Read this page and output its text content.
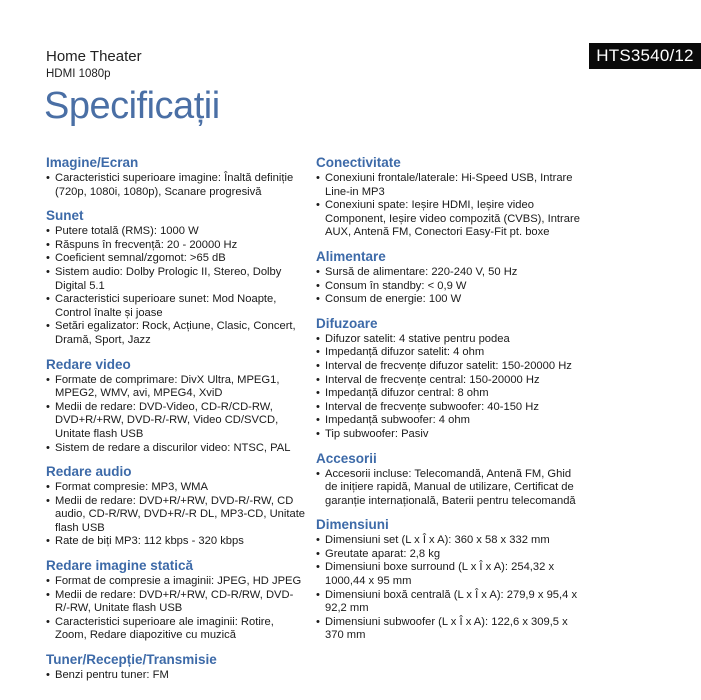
Home Theater
HDMI 1080p
HTS3540/12
Specificații
Imagine/Ecran
• Caracteristici superioare imagine: Înaltă definiție (720p, 1080i, 1080p), Scanare progresivă
Sunet
• Putere totală (RMS): 1000 W
• Răspuns în frecvență: 20 - 20000 Hz
• Coeficient semnal/zgomot: >65 dB
• Sistem audio: Dolby Prologic II, Stereo, Dolby Digital 5.1
• Caracteristici superioare sunet: Mod Noapte, Control înalte și joase
• Setări egalizator: Rock, Acțiune, Clasic, Concert, Dramă, Sport, Jazz
Redare video
• Formate de comprimare: DivX Ultra, MPEG1, MPEG2, WMV, avi, MPEG4, XviD
• Medii de redare: DVD-Video, CD-R/CD-RW, DVD+R/+RW, DVD-R/-RW, Video CD/SVCD, Unitate flash USB
• Sistem de redare a discurilor video: NTSC, PAL
Redare audio
• Format compresie: MP3, WMA
• Medii de redare: DVD+R/+RW, DVD-R/-RW, CD audio, CD-R/RW, DVD+R/-R DL, MP3-CD, Unitate flash USB
• Rate de biți MP3: 112 kbps - 320 kbps
Redare imagine statică
• Format de compresie a imaginii: JPEG, HD JPEG
• Medii de redare: DVD+R/+RW, CD-R/RW, DVD-R/-RW, Unitate flash USB
• Caracteristici superioare ale imaginii: Rotire, Zoom, Redare diapozitive cu muzică
Tuner/Recepție/Transmisie
• Benzi pentru tuner: FM
Conectivitate
• Conexiuni frontale/laterale: Hi-Speed USB, Intrare Line-in MP3
• Conexiuni spate: Ieșire HDMI, Ieșire video Component, Ieșire video compozită (CVBS), Intrare AUX, Antenă FM, Conectori Easy-Fit pt. boxe
Alimentare
• Sursă de alimentare: 220-240 V, 50 Hz
• Consum în standby: < 0,9 W
• Consum de energie: 100 W
Difuzoare
• Difuzor satelit: 4 stative pentru podea
• Impedanță difuzor satelit: 4 ohm
• Interval de frecvențe difuzor satelit: 150-20000 Hz
• Interval de frecvențe central: 150-20000 Hz
• Impedanță difuzor central: 8 ohm
• Interval de frecvențe subwoofer: 40-150 Hz
• Impedanță subwoofer: 4 ohm
• Tip subwoofer: Pasiv
Accesorii
• Accesorii incluse: Telecomandă, Antenă FM, Ghid de inițiere rapidă, Manual de utilizare, Certificat de garanție internațională, Baterii pentru telecomandă
Dimensiuni
• Dimensiuni set (L x Î x A): 360 x 58 x 332 mm
• Greutate aparat: 2,8 kg
• Dimensiuni boxe surround (L x Î x A): 254,32 x 1000,44 x 95 mm
• Dimensiuni boxă centrală (L x Î x A): 279,9 x 95,4 x 92,2 mm
• Dimensiuni subwoofer (L x Î x A): 122,6 x 309,5 x 370 mm
